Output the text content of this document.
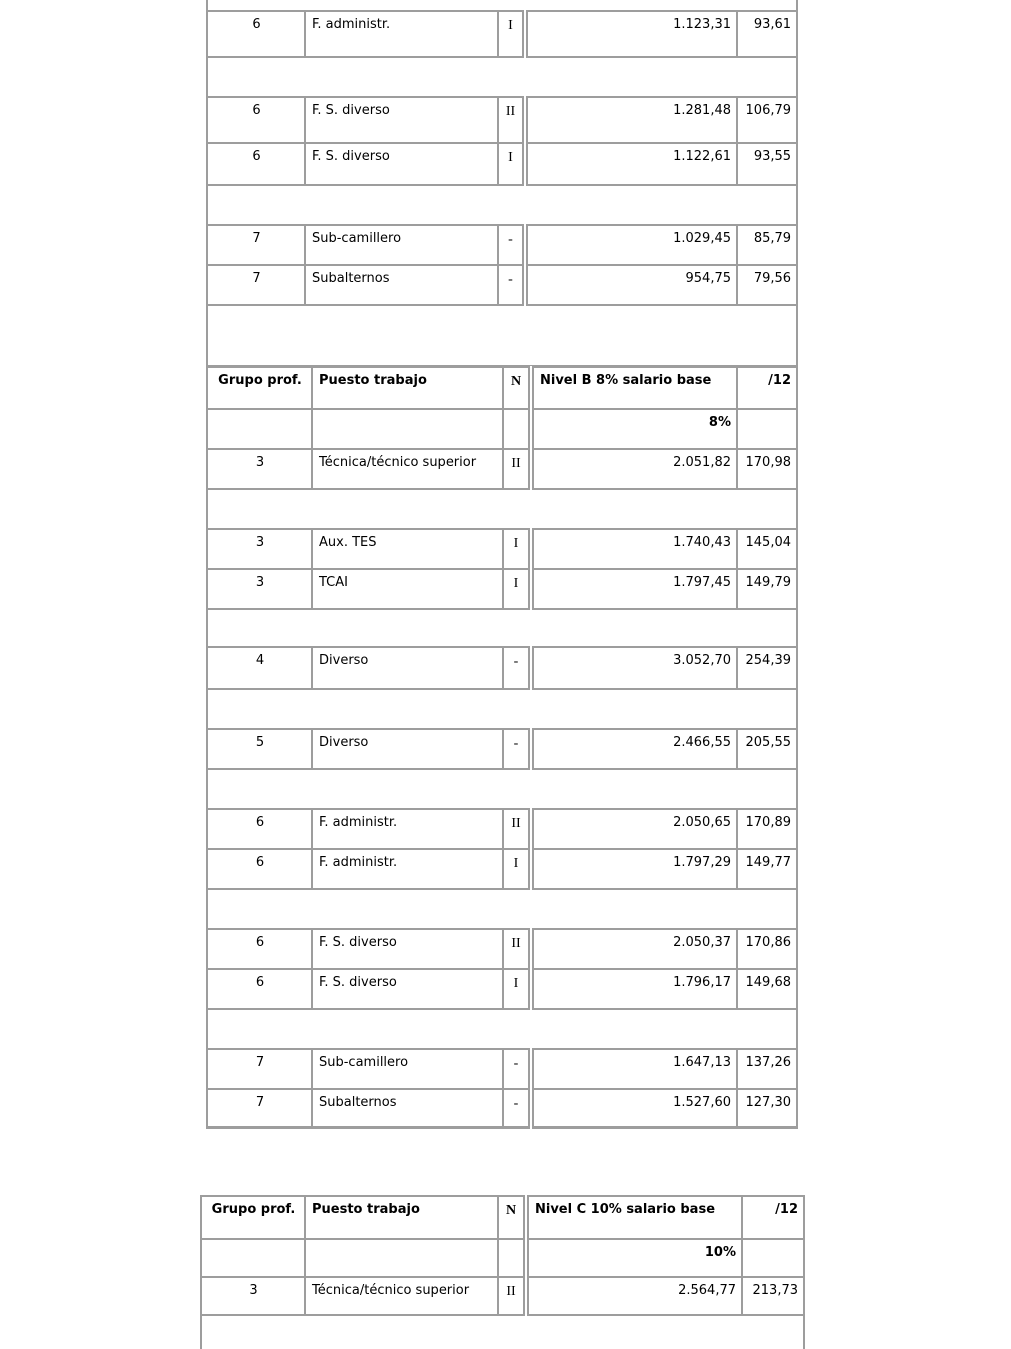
6	F. administr.	I	1.123,31	93,61

6	F. S. diverso	II	1.281,48	106,79
6	F. S. diverso	I	1.122,61	93,55

7	Sub-camillero	-	1.029,45	85,79
7	Subalternos	-	954,75	79,56

Grupo prof.	Puesto trabajo	N	Nivel B 8% salario base	/12
			8%	
3	Técnica/técnico superior	II	2.051,82	170,98

3	Aux. TES	I	1.740,43	145,04
3	TCAI	I	1.797,45	149,79

4	Diverso	-	3.052,70	254,39

5	Diverso	-	2.466,55	205,55

6	F. administr.	II	2.050,65	170,89
6	F. administr.	I	1.797,29	149,77

6	F. S. diverso	II	2.050,37	170,86
6	F. S. diverso	I	1.796,17	149,68

7	Sub-camillero	-	1.647,13	137,26
7	Subalternos	-	1.527,60	127,30
Grupo prof.	Puesto trabajo	N	Nivel C 10% salario base	/12
			10%	
3	Técnica/técnico superior	II	2.564,77	213,73
